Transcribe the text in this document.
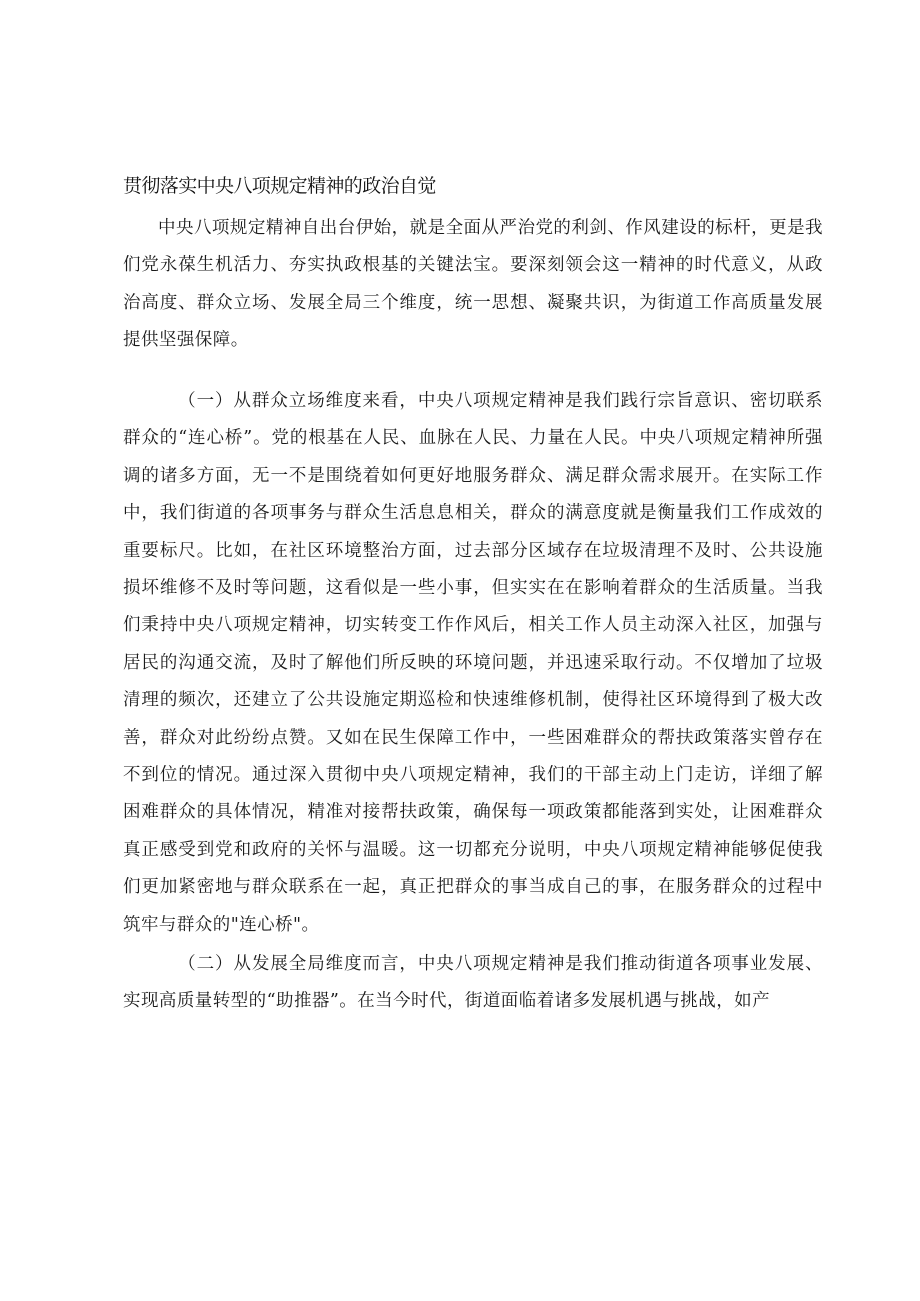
贯彻落实中央八项规定精神的政治自觉

中央八项规定精神自出台伊始，就是全面从严治党的利剑、作风建设的标杆，更是我们党永葆生机活力、夯实执政根基的关键法宝。要深刻领会这一精神的时代意义，从政治高度、群众立场、发展全局三个维度，统一思想、凝聚共识，为街道工作高质量发展提供坚强保障。

（一）从群众立场维度来看，中央八项规定精神是我们践行宗旨意识、密切联系群众的“连心桥”。党的根基在人民、血脉在人民、力量在人民。中央八项规定精神所强调的诸多方面，无一不是围绕着如何更好地服务群众、满足群众需求展开。在实际工作中，我们街道的各项事务与群众生活息息相关，群众的满意度就是衡量我们工作成效的重要标尺。比如，在社区环境整治方面，过去部分区域存在垃圾清理不及时、公共设施损坏维修不及时等问题，这看似是一些小事，但实实在在影响着群众的生活质量。当我们秉持中央八项规定精神，切实转变工作作风后，相关工作人员主动深入社区，加强与居民的沟通交流，及时了解他们所反映的环境问题，并迅速采取行动。不仅增加了垃圾清理的频次，还建立了公共设施定期巡检和快速维修机制，使得社区环境得到了极大改善，群众对此纷纷点赞。又如在民生保障工作中，一些困难群众的帮扶政策落实曾存在不到位的情况。通过深入贯彻中央八项规定精神，我们的干部主动上门走访，详细了解困难群众的具体情况，精准对接帮扶政策，确保每一项政策都能落到实处，让困难群众真正感受到党和政府的关怀与温暖。这一切都充分说明，中央八项规定精神能够促使我们更加紧密地与群众联系在一起，真正把群众的事当成自己的事，在服务群众的过程中筑牢与群众的"连心桥"。

（二）从发展全局维度而言，中央八项规定精神是我们推动街道各项事业发展、实现高质量转型的“助推器”。在当今时代，街道面临着诸多发展机遇与挑战，如产
